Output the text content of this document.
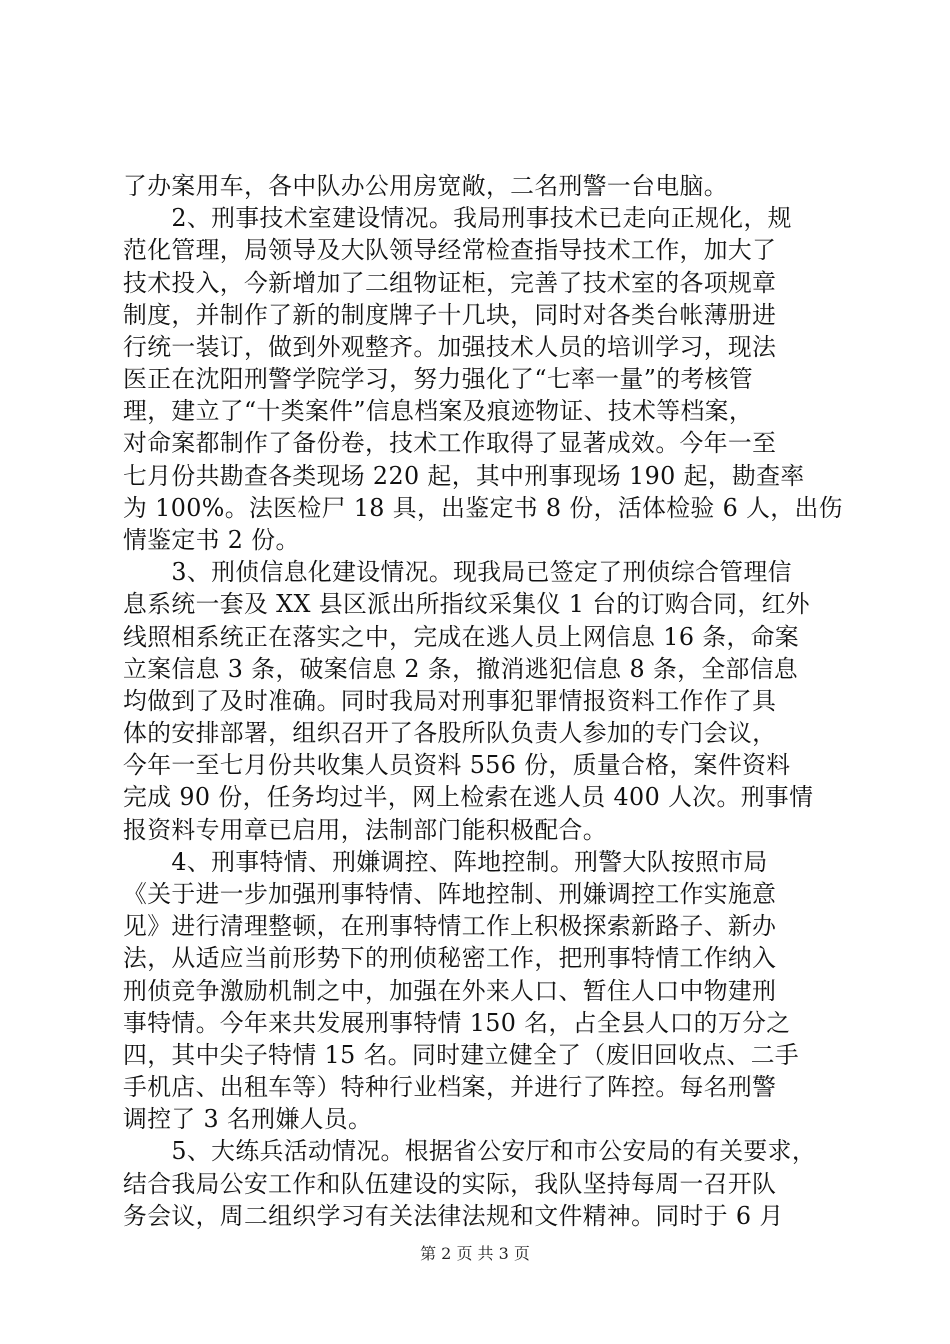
了办案用车，各中队办公用房宽敞，二名刑警一台电脑。
　　2、刑事技术室建设情况。我局刑事技术已走向正规化，规
范化管理，局领导及大队领导经常检查指导技术工作，加大了
技术投入，今新增加了二组物证柜，完善了技术室的各项规章
制度，并制作了新的制度牌子十几块，同时对各类台帐薄册进
行统一装订，做到外观整齐。加强技术人员的培训学习，现法
医正在沈阳刑警学院学习，努力强化了“七率一量”的考核管
理，建立了“十类案件”信息档案及痕迹物证、技术等档案，
对命案都制作了备份卷，技术工作取得了显著成效。今年一至
七月份共勘查各类现场 220 起，其中刑事现场 190 起，勘查率
为 100%。法医检尸 18 具，出鉴定书 8 份，活体检验 6 人，出伤
情鉴定书 2 份。
　　3、刑侦信息化建设情况。现我局已签定了刑侦综合管理信
息系统一套及 XX 县区派出所指纹采集仪 1 台的订购合同，红外
线照相系统正在落实之中，完成在逃人员上网信息 16 条，命案
立案信息 3 条，破案信息 2 条，撤消逃犯信息 8 条，全部信息
均做到了及时准确。同时我局对刑事犯罪情报资料工作作了具
体的安排部署，组织召开了各股所队负责人参加的专门会议，
今年一至七月份共收集人员资料 556 份，质量合格，案件资料
完成 90 份，任务均过半，网上检索在逃人员 400 人次。刑事情
报资料专用章已启用，法制部门能积极配合。
　　4、刑事特情、刑嫌调控、阵地控制。刑警大队按照市局
《关于进一步加强刑事特情、阵地控制、刑嫌调控工作实施意
见》进行清理整顿，在刑事特情工作上积极探索新路子、新办
法，从适应当前形势下的刑侦秘密工作，把刑事特情工作纳入
刑侦竞争激励机制之中，加强在外来人口、暂住人口中物建刑
事特情。今年来共发展刑事特情 150 名，占全县人口的万分之
四，其中尖子特情 15 名。同时建立健全了（废旧回收点、二手
手机店、出租车等）特种行业档案，并进行了阵控。每名刑警
调控了 3 名刑嫌人员。
　　5、大练兵活动情况。根据省公安厅和市公安局的有关要求，
结合我局公安工作和队伍建设的实际，我队坚持每周一召开队
务会议，周二组织学习有关法律法规和文件精神。同时于 6 月
第 2 页 共 3 页
